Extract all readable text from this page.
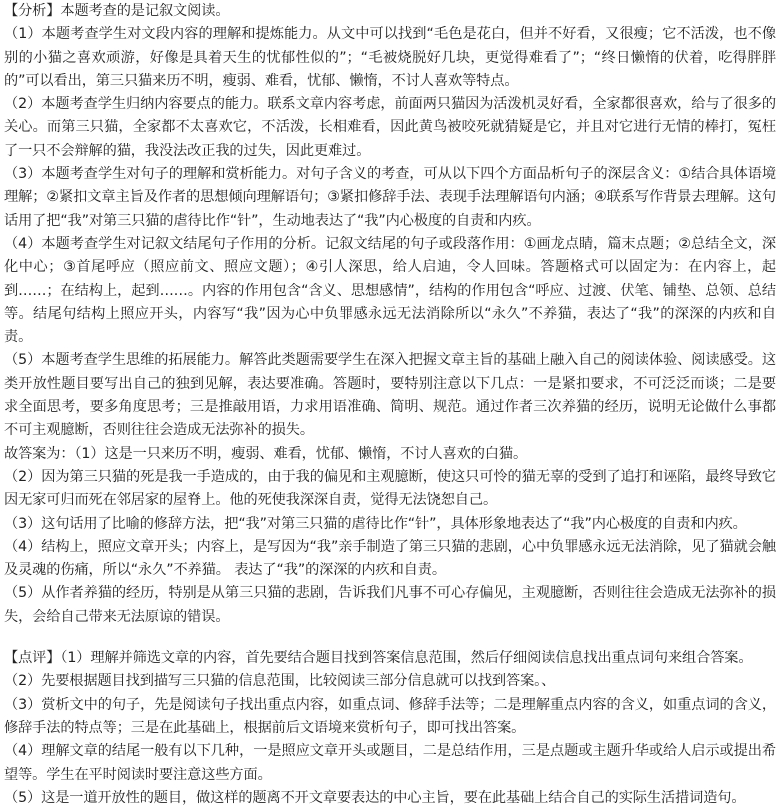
【分析】本题考查的是记叙文阅读。

（1）本题考查学生对文段内容的理解和提炼能力。从文中可以找到“毛色是花白，但并不好看，又很瘦；它不活泼，也不像别的小猫之喜欢顽游，好像是具着天生的忧郁性似的”；“毛被烧脱好几块，更觉得难看了”；“终日懒惰的伏着，吃得胖胖的”可以看出，第三只猫来历不明，瘦弱、难看，忧郁、懒惰，不讨人喜欢等特点。

（2）本题考查学生归纳内容要点的能力。联系文章内容考虑，前面两只猫因为活泼机灵好看，全家都很喜欢，给与了很多的关心。而第三只猫，全家都不太喜欢它，不活泼，长相难看，因此黄鸟被咬死就猜疑是它，并且对它进行无情的棒打，冤枉了一只不会辩解的猫，我没法改正我的过失，因此更难过。

（3）本题考查学生对句子的理解和赏析能力。对句子含义的考查，可从以下四个方面品析句子的深层含义：①结合具体语境理解；②紧扣文章主旨及作者的思想倾向理解语句；③紧扣修辞手法、表现手法理解语句内涵；④联系写作背景去理解。这句话用了把“我”对第三只猫的虐待比作“针”，生动地表达了“我”内心极度的自责和内疚。

（4）本题考查学生对记叙文结尾句子作用的分析。记叙文结尾的句子或段落作用：①画龙点睛，篇末点题；②总结全文，深化中心；③首尾呼应（照应前文、照应文题）；④引人深思，给人启迪，令人回味。答题格式可以固定为：在内容上，起到……；在结构上，起到……。内容的作用包含“含义、思想感情”，结构的作用包含“呼应、过渡、伏笔、铺垫、总领、总结等。结尾句结构上照应开头，内容写“我”因为心中负罪感永远无法消除所以“永久”不养猫，表达了“我”的深深的内疚和自责。

（5）本题考查学生思维的拓展能力。解答此类题需要学生在深入把握文章主旨的基础上融入自己的阅读体验、阅读感受。这类开放性题目要写出自己的独到见解，表达要准确。答题时，要特别注意以下几点：一是紧扣要求，不可泛泛而谈；二是要求全面思考，要多角度思考；三是推敲用语，力求用语准确、简明、规范。通过作者三次养猫的经历，说明无论做什么事都不可主观臆断，否则往往会造成无法弥补的损失。

故答案为：（1）这是一只来历不明，瘦弱、难看，忧郁、懒惰，不讨人喜欢的白猫。

（2）因为第三只猫的死是我一手造成的，由于我的偏见和主观臆断，使这只可怜的猫无辜的受到了追打和诬陷，最终导致它因无家可归而死在邻居家的屋脊上。他的死使我深深自责，觉得无法饶恕自己。

（3）这句话用了比喻的修辞方法，把“我”对第三只猫的虐待比作“针”，具体形象地表达了“我”内心极度的自责和内疚。

（4）结构上，照应文章开头；内容上，是写因为“我”亲手制造了第三只猫的悲剧，心中负罪感永远无法消除，见了猫就会触及灵魂的伤痛，所以“永久”不养猫。 表达了“我”的深深的内疚和自责。

（5）从作者养猫的经历，特别是从第三只猫的悲剧，告诉我们凡事不可心存偏见，主观臆断，否则往往会造成无法弥补的损失，会给自己带来无法原谅的错误。

【点评】（1）理解并筛选文章的内容，首先要结合题目找到答案信息范围，然后仔细阅读信息找出重点词句来组合答案。

（2）先要根据题目找到描写三只猫的信息范围，比较阅读三部分信息就可以找到答案。、

（3）赏析文中的句子，先是阅读句子找出重点内容，如重点词、修辞手法等；二是理解重点内容的含义，如重点词的含义，修辞手法的特点等；三是在此基础上，根据前后文语境来赏析句子，即可找出答案。

（4）理解文章的结尾一般有以下几种，一是照应文章开头或题目，二是总结作用，三是点题或主题升华或给人启示或提出希望等。学生在平时阅读时要注意这些方面。

（5）这是一道开放性的题目，做这样的题离不开文章要表达的中心主旨，要在此基础上结合自己的实际生活措词造句。
